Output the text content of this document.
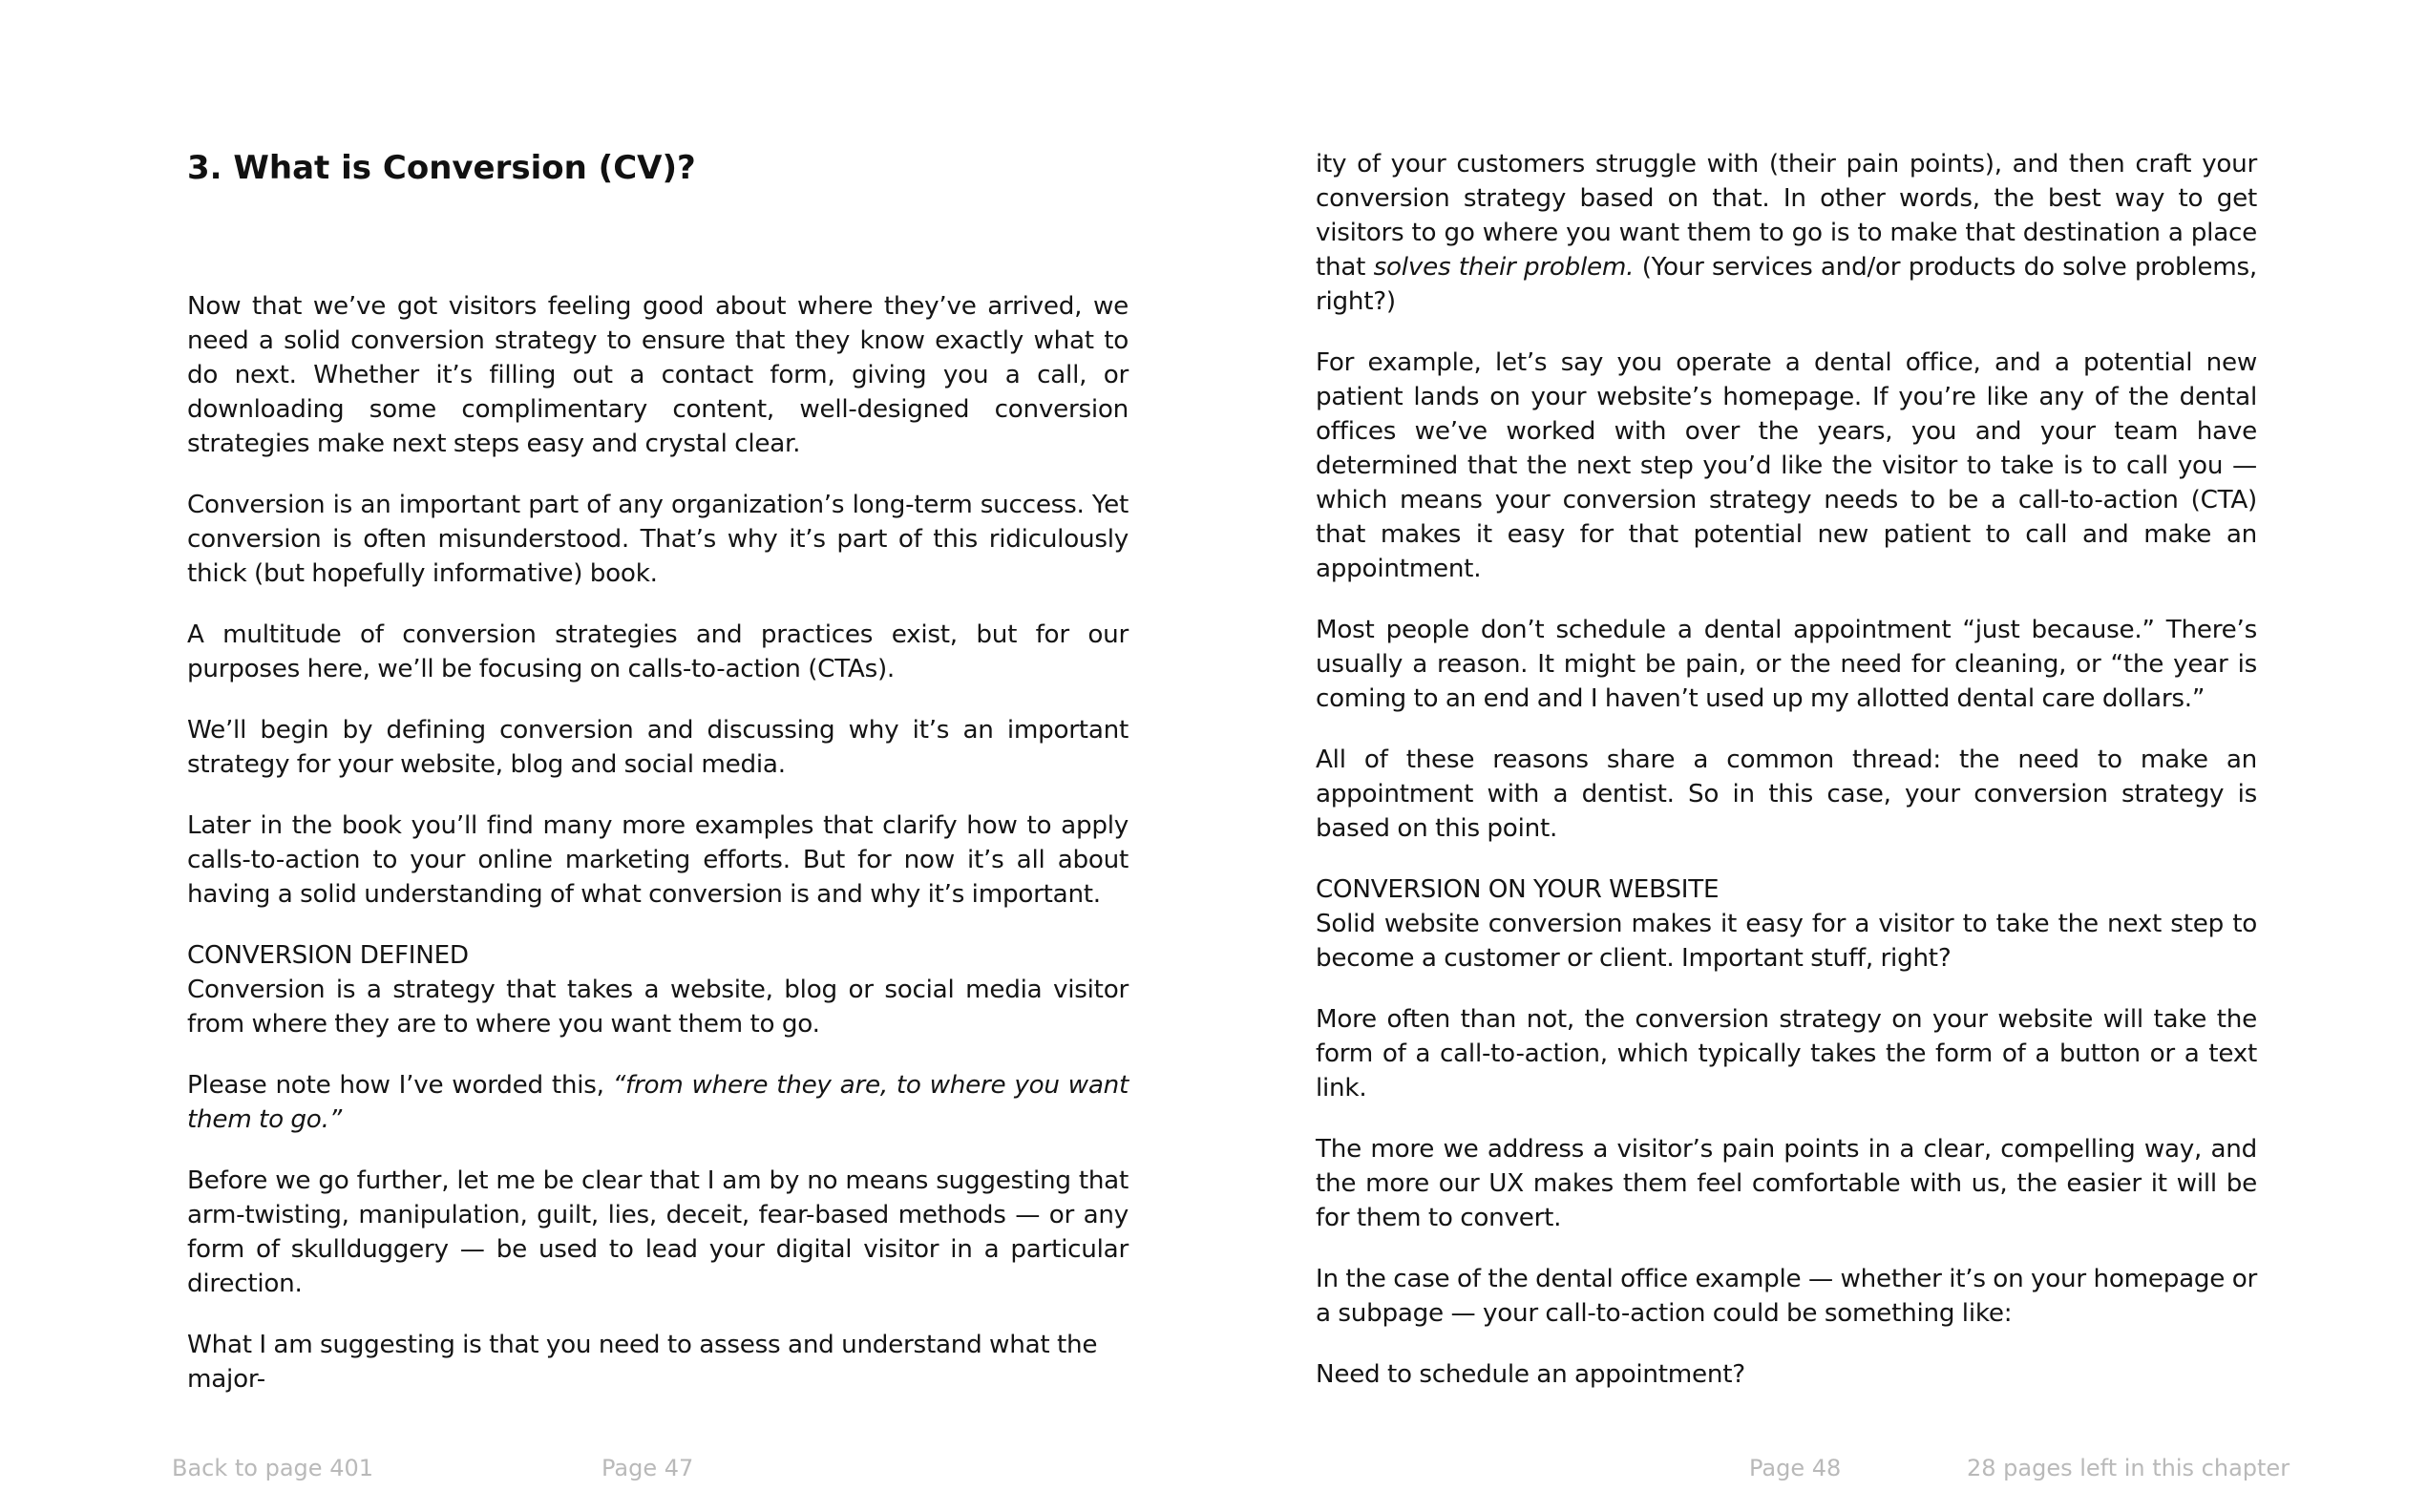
3. What is Conversion (CV)?

Now that we’ve got visitors feeling good about where they’ve arrived, we need a solid conversion strategy to ensure that they know exactly what to do next. Whether it’s filling out a contact form, giving you a call, or downloading some complimentary content, well-designed conversion strategies make next steps easy and crystal clear.

Conversion is an important part of any organization’s long-term success. Yet conversion is often misunderstood. That’s why it’s part of this ridiculously thick (but hopefully informative) book.

A multitude of conversion strategies and practices exist, but for our purposes here, we’ll be focusing on calls-to-action (CTAs).

We’ll begin by defining conversion and discussing why it’s an important strategy for your website, blog and social media.

Later in the book you’ll find many more examples that clarify how to apply calls-to-action to your online marketing efforts. But for now it’s all about having a solid understanding of what conversion is and why it’s important.

CONVERSION DEFINED
Conversion is a strategy that takes a website, blog or social media visitor from where they are to where you want them to go.

Please note how I’ve worded this, “from where they are, to where you want them to go.”

Before we go further, let me be clear that I am by no means suggesting that arm-twisting, manipulation, guilt, lies, deceit, fear-based methods — or any form of skullduggery — be used to lead your digital visitor in a particular direction.

What I am suggesting is that you need to assess and understand what the major-

ity of your customers struggle with (their pain points), and then craft your conversion strategy based on that. In other words, the best way to get visitors to go where you want them to go is to make that destination a place that solves their problem. (Your services and/or products do solve problems, right?)

For example, let’s say you operate a dental office, and a potential new patient lands on your website’s homepage. If you’re like any of the dental offices we’ve worked with over the years, you and your team have determined that the next step you’d like the visitor to take is to call you — which means your conversion strategy needs to be a call-to-action (CTA) that makes it easy for that potential new patient to call and make an appointment.

Most people don’t schedule a dental appointment “just because.” There’s usually a reason. It might be pain, or the need for cleaning, or “the year is coming to an end and I haven’t used up my allotted dental care dollars.”

All of these reasons share a common thread: the need to make an appointment with a dentist. So in this case, your conversion strategy is based on this point.

CONVERSION ON YOUR WEBSITE
Solid website conversion makes it easy for a visitor to take the next step to become a customer or client. Important stuff, right?

More often than not, the conversion strategy on your website will take the form of a call-to-action, which typically takes the form of a button or a text link.

The more we address a visitor’s pain points in a clear, compelling way, and the more our UX makes them feel comfortable with us, the easier it will be for them to convert.

In the case of the dental office example — whether it’s on your homepage or a subpage — your call-to-action could be something like:

Need to schedule an appointment?

Back to page 401	Page 47	Page 48	28 pages left in this chapter
